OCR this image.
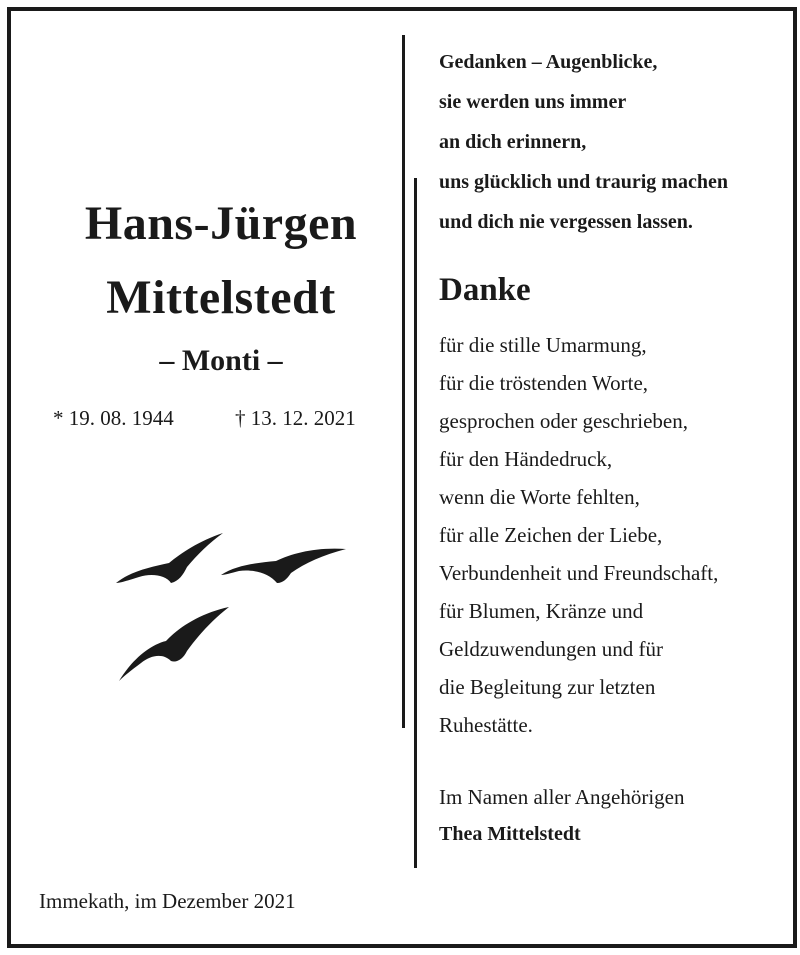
Hans-Jürgen
Mittelstedt
– Monti –
* 19. 08. 1944	† 13. 12. 2021
Immekath, im Dezember 2021
Gedanken – Augenblicke,
sie werden uns immer
an dich erinnern,
uns glücklich und traurig machen
und dich nie vergessen lassen.
Danke
für die stille Umarmung,
für die tröstenden Worte,
gesprochen oder geschrieben,
für den Händedruck,
wenn die Worte fehlten,
für alle Zeichen der Liebe,
Verbundenheit und Freundschaft,
für Blumen, Kränze und
Geldzuwendungen und für
die Begleitung zur letzten
Ruhestätte.
Im Namen aller Angehörigen
Thea Mittelstedt
